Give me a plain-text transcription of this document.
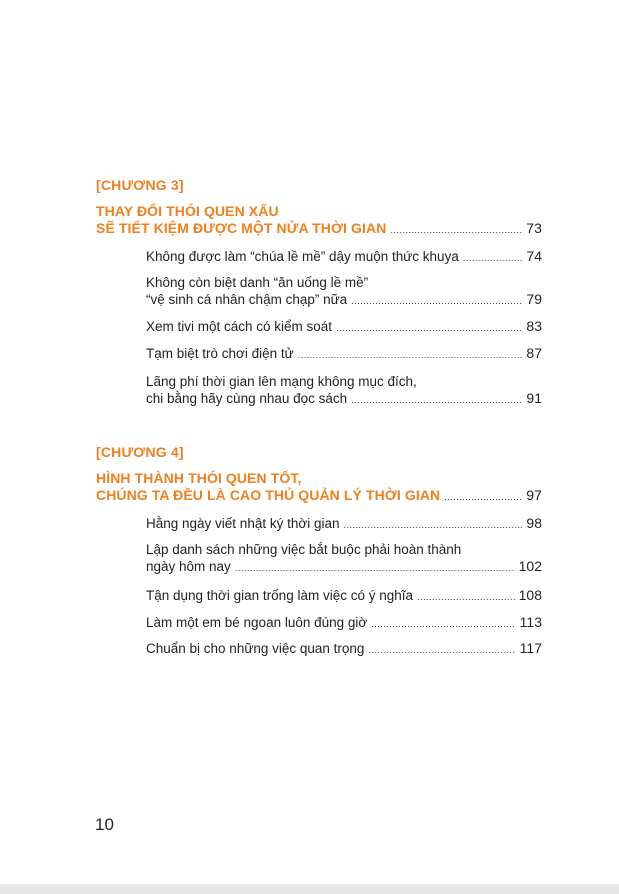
[CHƯƠNG 3]
THAY ĐỔI THÓI QUEN XẤU
SẼ TIẾT KIỆM ĐƯỢC MỘT NỬA THỜI GIAN .....	73
Không được làm “chúa lề mề” dậy muộn thức khuya .....	74
Không còn biệt danh “ăn uống lề mề”
“vệ sinh cá nhân chậm chạp” nữa .....	79
Xem tivi một cách có kiểm soát .....	83
Tạm biệt trò chơi điện tử .....	87
Lãng phí thời gian lên mạng không mục đích,
chi bằng hãy cùng nhau đọc sách .....	91
[CHƯƠNG 4]
HÌNH THÀNH THÓI QUEN TỐT,
CHÚNG TA ĐỀU LÀ CAO THỦ QUẢN LÝ THỜI GIAN .....	97
Hằng ngày viết nhật ký thời gian .....	98
Lập danh sách những việc bắt buộc phải hoàn thành
ngày hôm nay .....	102
Tận dụng thời gian trống làm việc có ý nghĩa .....	108
Làm một em bé ngoan luôn đúng giờ .....	113
Chuẩn bị cho những việc quan trọng .....	117
10
